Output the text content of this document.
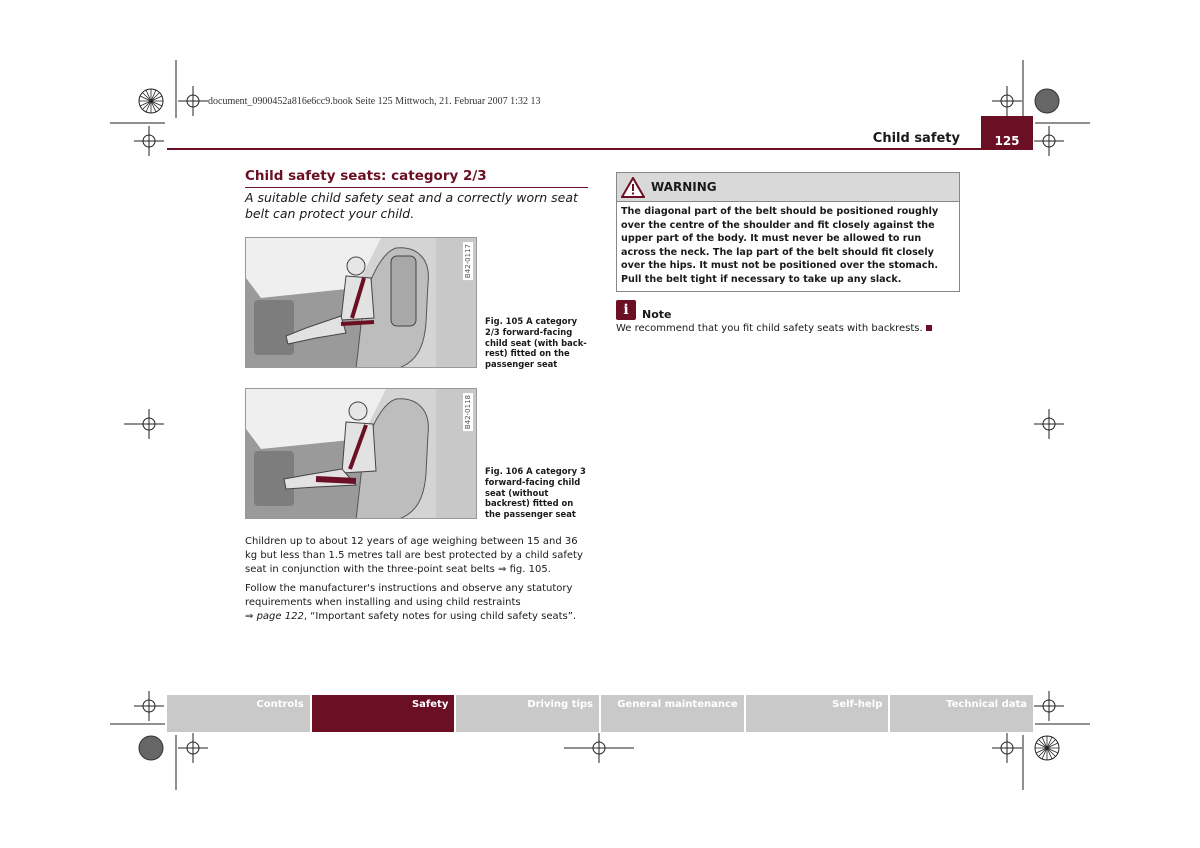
document_0900452a816e6cc9.book Seite 125 Mittwoch, 21. Februar 2007 1:32 13
Child safety	125
Child safety seats: category 2/3
A suitable child safety seat and a correctly worn seat belt can protect your child.
B42-0117
Fig. 105 A category 2/3 forward-facing child seat (with back-rest) fitted on the passenger seat
B42-0118
Fig. 106 A category 3 forward-facing child seat (without backrest) fitted on the passenger seat

Children up to about 12 years of age weighing between 15 and 36 kg but less than 1.5 metres tall are best protected by a child safety seat in conjunction with the three-point seat belts ⇒ fig. 105.

Follow the manufacturer's instructions and observe any statutory requirements when installing and using child restraints
⇒ page 122, “Important safety notes for using child safety seats”.

WARNING
The diagonal part of the belt should be positioned roughly over the centre of the shoulder and fit closely against the upper part of the body. It must never be allowed to run across the neck. The lap part of the belt should fit closely over the hips. It must not be positioned over the stomach. Pull the belt tight if necessary to take up any slack.
i	Note
We recommend that you fit child safety seats with backrests.
Controls	Safety	Driving tips	General maintenance	Self-help	Technical data
